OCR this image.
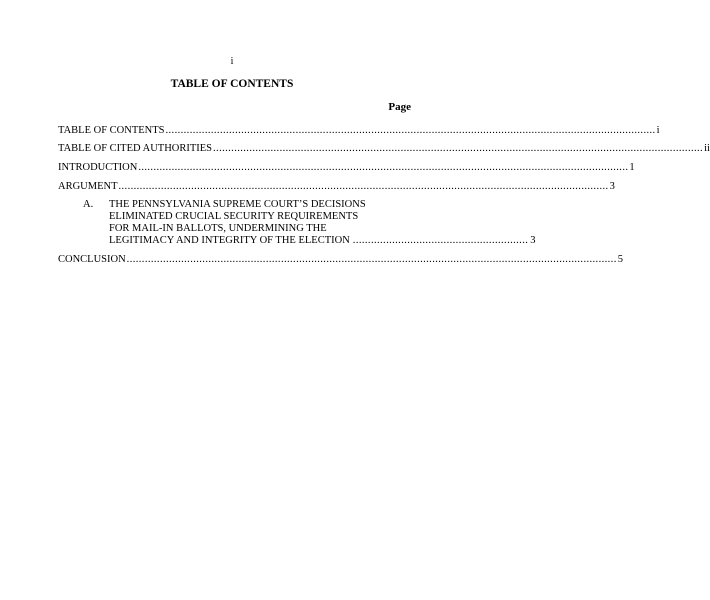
i
TABLE OF CONTENTS
Page
TABLE OF CONTENTS .................................................................................................................................................................. i
TABLE OF CITED AUTHORITIES .................................................................................................................................................................. ii
INTRODUCTION .................................................................................................................................................................. 1
ARGUMENT .................................................................................................................................................................. 3
A. THE PENNSYLVANIA SUPREME COURT’S DECISIONS
ELIMINATED CRUCIAL SECURITY REQUIREMENTS
FOR MAIL-IN BALLOTS, UNDERMINING THE
LEGITIMACY AND INTEGRITY OF THE ELECTION .......................................................... 3
CONCLUSION .................................................................................................................................................................. 5
